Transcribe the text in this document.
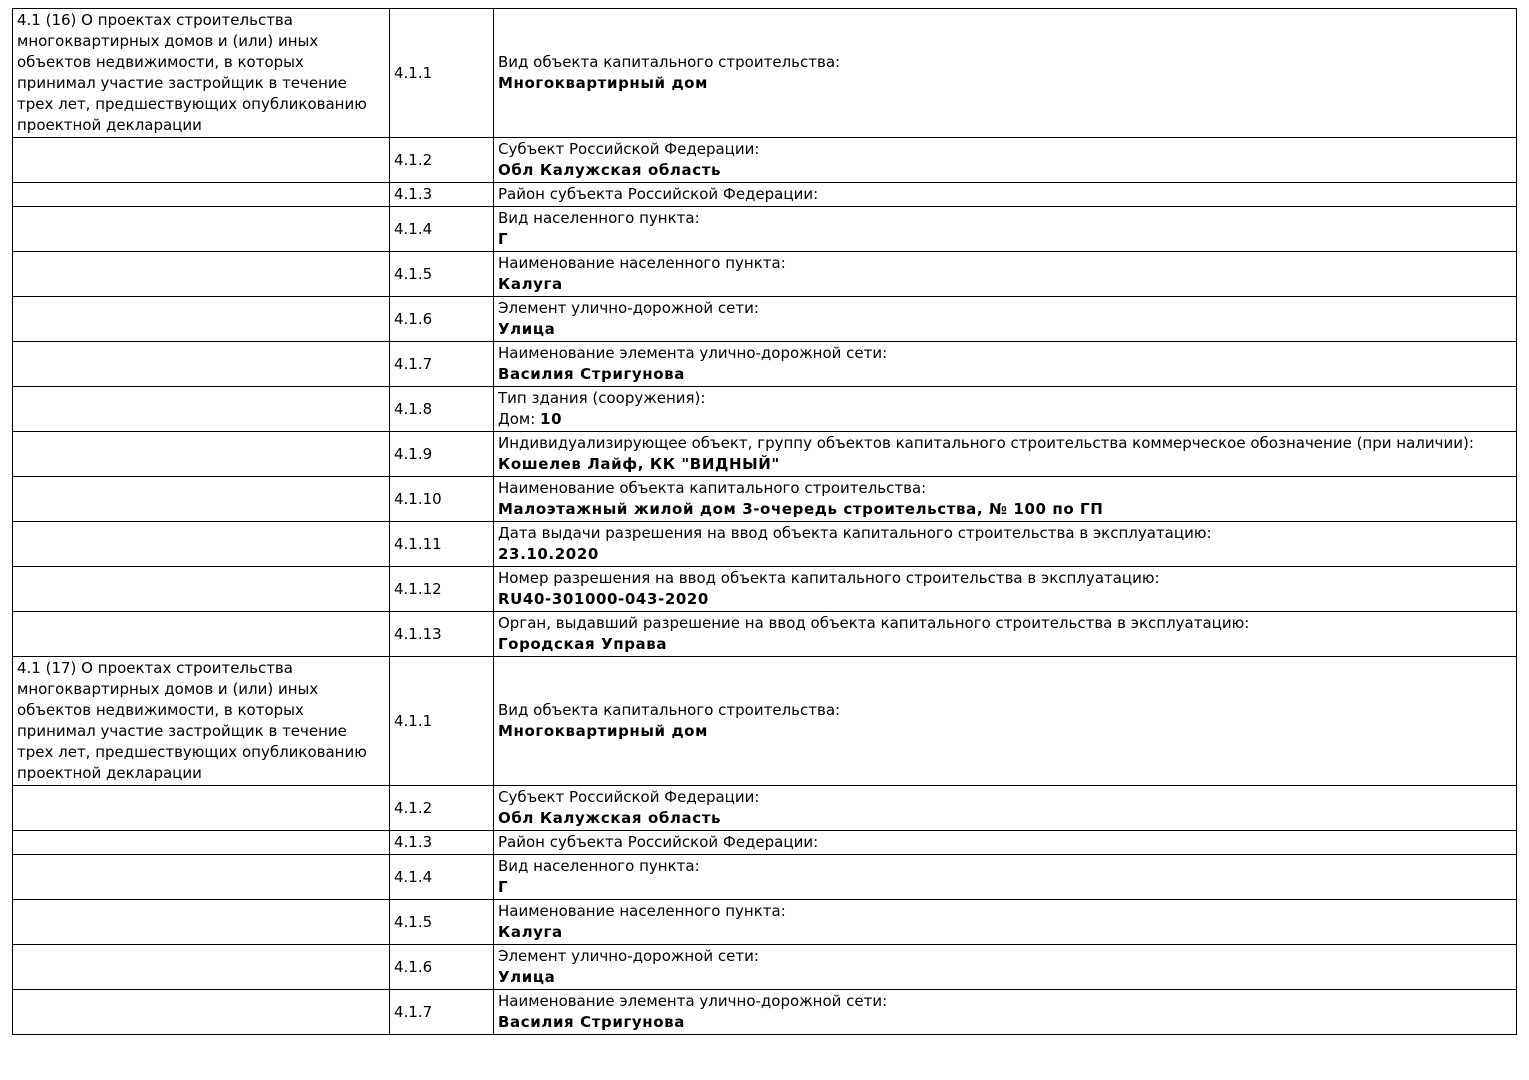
4.1 (16) О проектах строительства многоквартирных домов и (или) иных объектов недвижимости, в которых принимал участие застройщик в течение трех лет, предшествующих опубликованию проектной декларации	4.1.1	Вид объекта капитального строительства:
Многоквартирный дом

	4.1.2	Субъект Российской Федерации:
Обл Калужская область

	4.1.3	Район субъекта Российской Федерации:

	4.1.4	Вид населенного пункта:
Г

	4.1.5	Наименование населенного пункта:
Калуга

	4.1.6	Элемент улично-дорожной сети:
Улица

	4.1.7	Наименование элемента улично-дорожной сети:
Василия Стригунова

	4.1.8	Тип здания (сооружения):
Дом: 10

	4.1.9	Индивидуализирующее объект, группу объектов капитального строительства коммерческое обозначение (при наличии):
Кошелев Лайф, КК "ВИДНЫЙ"

	4.1.10	Наименование объекта капитального строительства:
Малоэтажный жилой дом 3-очередь строительства, № 100 по ГП

	4.1.11	Дата выдачи разрешения на ввод объекта капитального строительства в эксплуатацию:
23.10.2020

	4.1.12	Номер разрешения на ввод объекта капитального строительства в эксплуатацию:
RU40-301000-043-2020

	4.1.13	Орган, выдавший разрешение на ввод объекта капитального строительства в эксплуатацию:
Городская Управа

4.1 (17) О проектах строительства многоквартирных домов и (или) иных объектов недвижимости, в которых принимал участие застройщик в течение трех лет, предшествующих опубликованию проектной декларации	4.1.1	Вид объекта капитального строительства:
Многоквартирный дом

	4.1.2	Субъект Российской Федерации:
Обл Калужская область

	4.1.3	Район субъекта Российской Федерации:

	4.1.4	Вид населенного пункта:
Г

	4.1.5	Наименование населенного пункта:
Калуга

	4.1.6	Элемент улично-дорожной сети:
Улица

	4.1.7	Наименование элемента улично-дорожной сети:
Василия Стригунова
